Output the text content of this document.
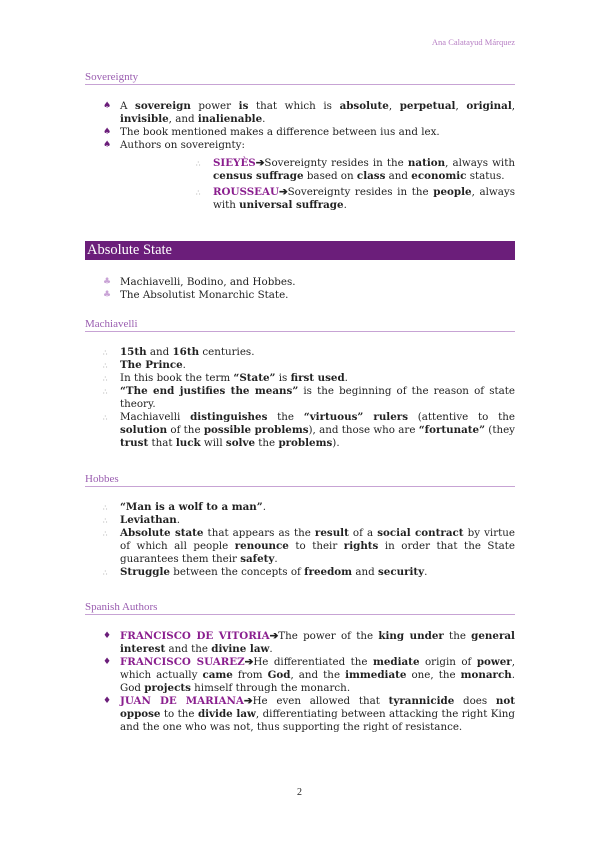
Ana Calatayud Márquez
Sovereignty
♠ A sovereign power is that which is absolute, perpetual, original, invisible, and inalienable.
♠ The book mentioned makes a difference between ius and lex.
♠ Authors on sovereignty:
∴ SIEYÈS➔Sovereignty resides in the nation, always with census suffrage based on class and economic status.
∴ ROUSSEAU➔Sovereignty resides in the people, always with universal suffrage.
Absolute State
♣ Machiavelli, Bodino, and Hobbes.
♣ The Absolutist Monarchic State.
Machiavelli
∴ 15th and 16th centuries.
∴ The Prince.
∴ In this book the term “State” is first used.
∴ “The end justifies the means” is the beginning of the reason of state theory.
∴ Machiavelli distinguishes the “virtuous” rulers (attentive to the solution of the possible problems), and those who are “fortunate” (they trust that luck will solve the problems).
Hobbes
∴ “Man is a wolf to a man”.
∴ Leviathan.
∴ Absolute state that appears as the result of a social contract by virtue of which all people renounce to their rights in order that the State guarantees them their safety.
∴ Struggle between the concepts of freedom and security.
Spanish Authors
♦ FRANCISCO DE VITORIA➔The power of the king under the general interest and the divine law.
♦ FRANCISCO SUAREZ➔He differentiated the mediate origin of power, which actually came from God, and the immediate one, the monarch. God projects himself through the monarch.
♦ JUAN DE MARIANA➔He even allowed that tyrannicide does not oppose to the divide law, differentiating between attacking the right King and the one who was not, thus supporting the right of resistance.
2
